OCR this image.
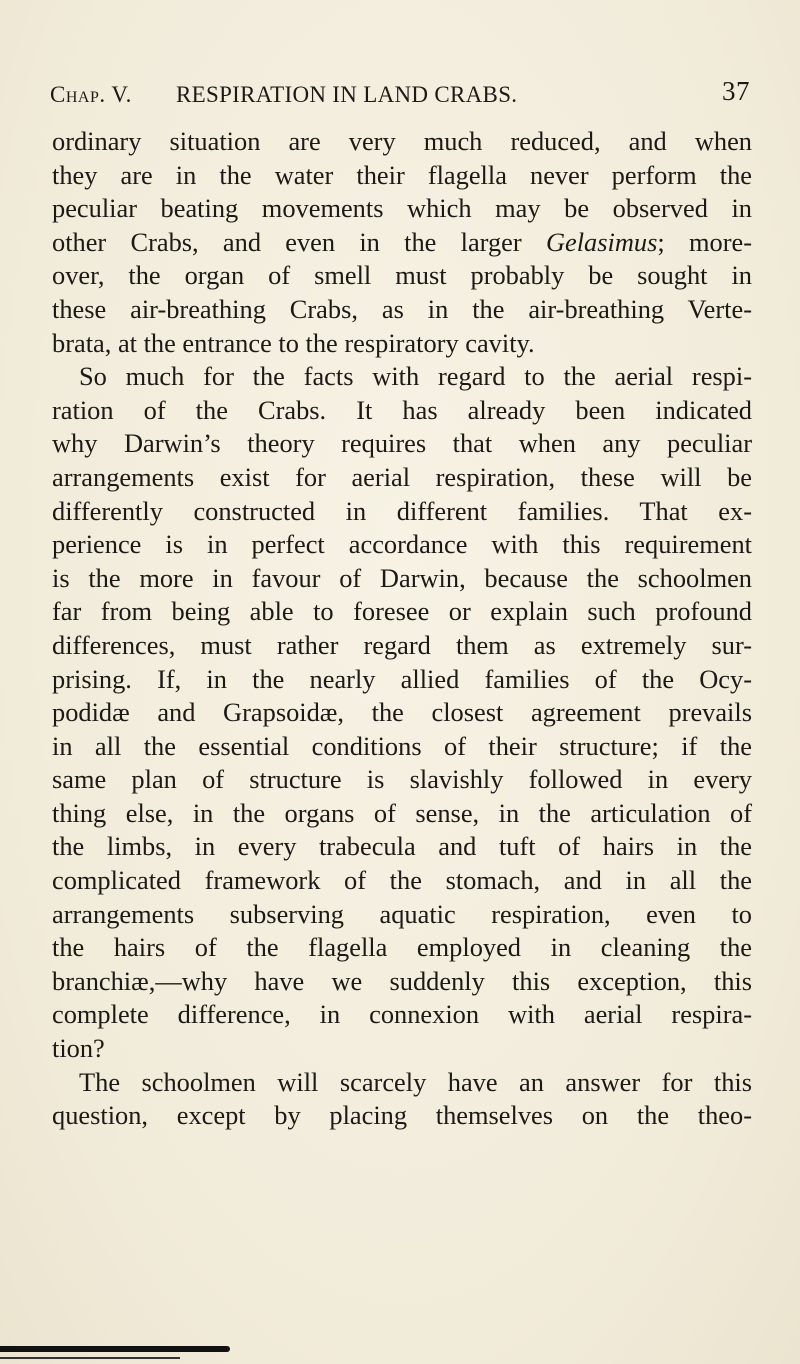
Chap. V. RESPIRATION IN LAND CRABS.	37
ordinary situation are very much reduced, and when
they are in the water their flagella never perform the
peculiar beating movements which may be observed in
other Crabs, and even in the larger Gelasimus; more-
over, the organ of smell must probably be sought in
these air-breathing Crabs, as in the air-breathing Verte-
brata, at the entrance to the respiratory cavity.
So much for the facts with regard to the aerial respi-
ration of the Crabs. It has already been indicated
why Darwin’s theory requires that when any peculiar
arrangements exist for aerial respiration, these will be
differently constructed in different families. That ex-
perience is in perfect accordance with this requirement
is the more in favour of Darwin, because the schoolmen
far from being able to foresee or explain such profound
differences, must rather regard them as extremely sur-
prising. If, in the nearly allied families of the Ocy-
podidæ and Grapsoidæ, the closest agreement prevails
in all the essential conditions of their structure; if the
same plan of structure is slavishly followed in every
thing else, in the organs of sense, in the articulation of
the limbs, in every trabecula and tuft of hairs in the
complicated framework of the stomach, and in all the
arrangements subserving aquatic respiration, even to
the hairs of the flagella employed in cleaning the
branchiæ,—why have we suddenly this exception, this
complete difference, in connexion with aerial respira-
tion?
The schoolmen will scarcely have an answer for this
question, except by placing themselves on the theo-
